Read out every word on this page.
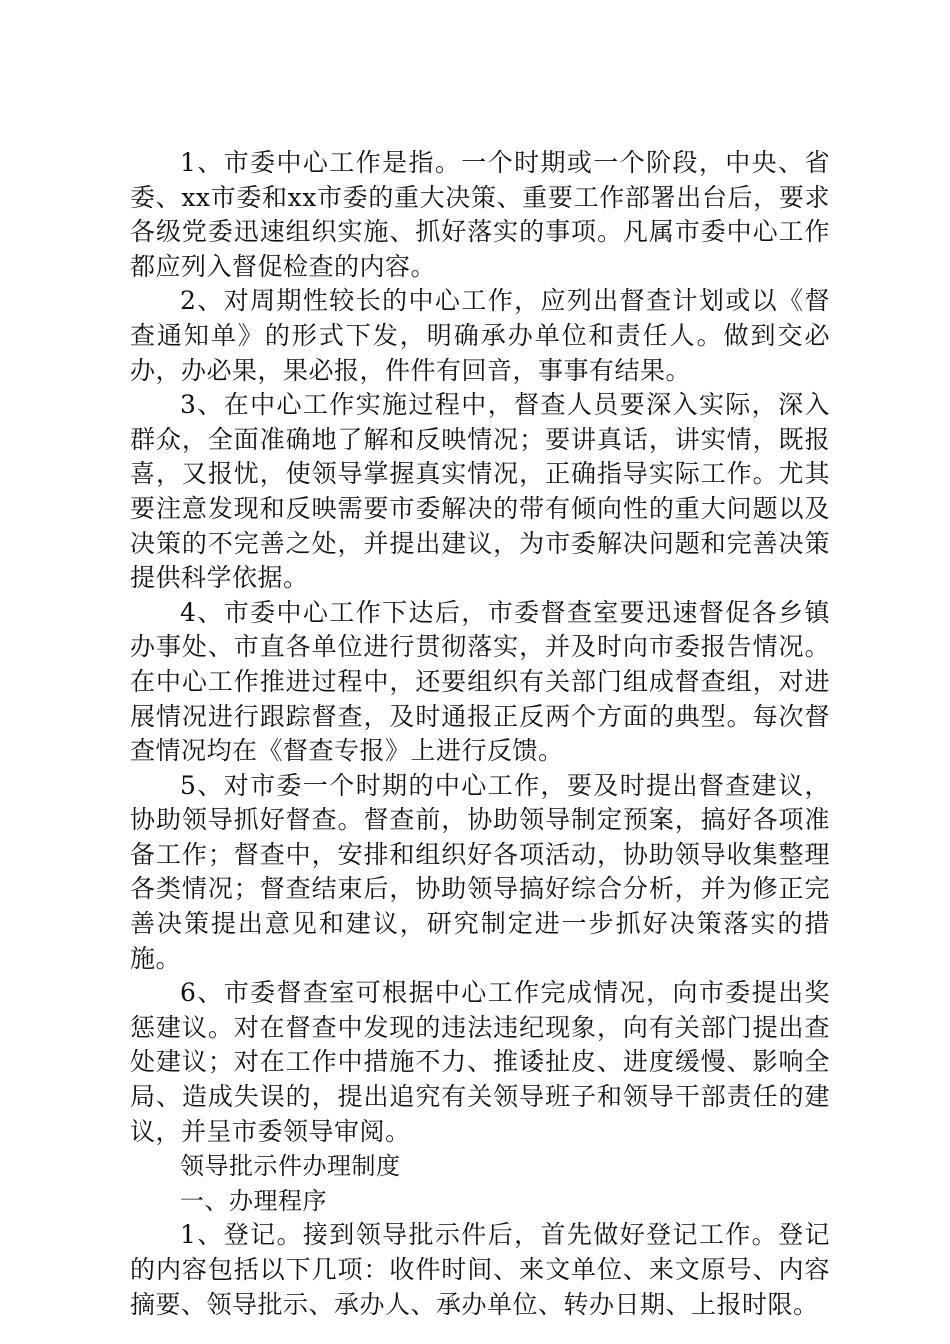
1、市委中心工作是指。一个时期或一个阶段，中央、省委、xx市委和xx市委的重大决策、重要工作部署出台后，要求各级党委迅速组织实施、抓好落实的事项。凡属市委中心工作都应列入督促检查的内容。

2、对周期性较长的中心工作，应列出督查计划或以《督查通知单》的形式下发，明确承办单位和责任人。做到交必办，办必果，果必报，件件有回音，事事有结果。

3、在中心工作实施过程中，督查人员要深入实际，深入群众，全面准确地了解和反映情况；要讲真话，讲实情，既报喜，又报忧，使领导掌握真实情况，正确指导实际工作。尤其要注意发现和反映需要市委解决的带有倾向性的重大问题以及决策的不完善之处，并提出建议，为市委解决问题和完善决策提供科学依据。

4、市委中心工作下达后，市委督查室要迅速督促各乡镇办事处、市直各单位进行贯彻落实，并及时向市委报告情况。在中心工作推进过程中，还要组织有关部门组成督查组，对进展情况进行跟踪督查，及时通报正反两个方面的典型。每次督查情况均在《督查专报》上进行反馈。

5、对市委一个时期的中心工作，要及时提出督查建议，协助领导抓好督查。督查前，协助领导制定预案，搞好各项准备工作；督查中，安排和组织好各项活动，协助领导收集整理各类情况；督查结束后，协助领导搞好综合分析，并为修正完善决策提出意见和建议，研究制定进一步抓好决策落实的措施。

6、市委督查室可根据中心工作完成情况，向市委提出奖惩建议。对在督查中发现的违法违纪现象，向有关部门提出查处建议；对在工作中措施不力、推诿扯皮、进度缓慢、影响全局、造成失误的，提出追究有关领导班子和领导干部责任的建议，并呈市委领导审阅。

领导批示件办理制度

一、办理程序

1、登记。接到领导批示件后，首先做好登记工作。登记的内容包括以下几项：收件时间、来文单位、来文原号、内容摘要、领导批示、承办人、承办单位、转办日期、上报时限。
